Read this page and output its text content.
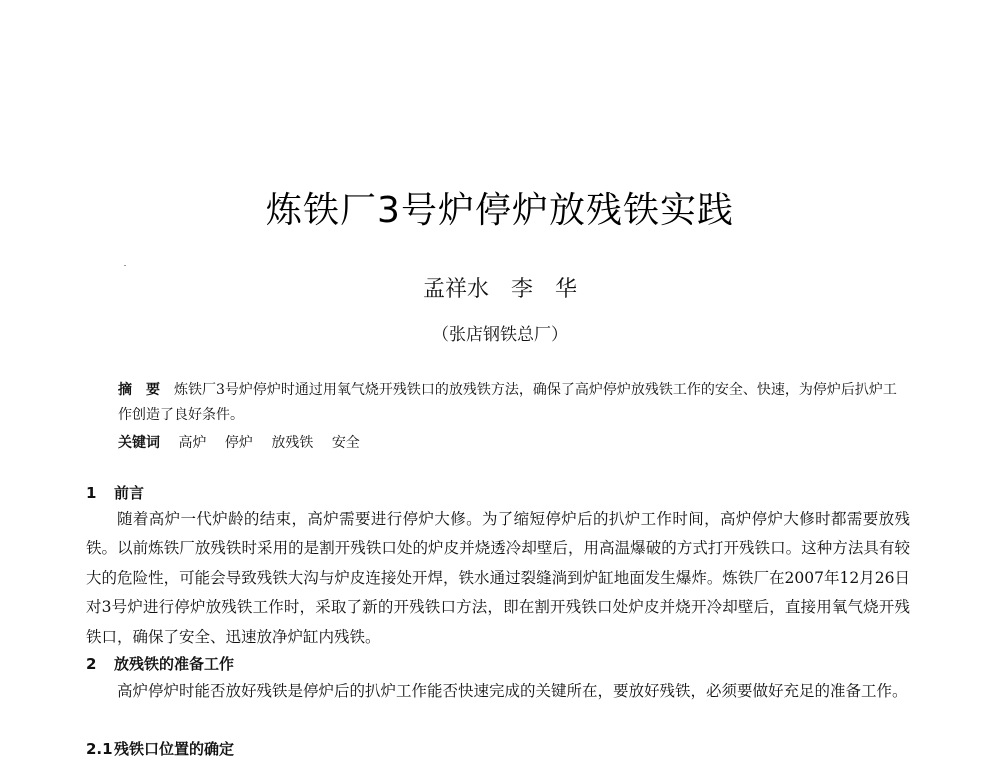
炼铁厂3号炉停炉放残铁实践
孟祥水　李　华
（张店钢铁总厂）
摘　要 炼铁厂3号炉停炉时通过用氧气烧开残铁口的放残铁方法，确保了高炉停炉放残铁工作的安全、快速，为停炉后扒炉工作创造了良好条件。
关键词 高炉 停炉 放残铁 安全
1 前言
随着高炉一代炉龄的结束，高炉需要进行停炉大修。为了缩短停炉后的扒炉工作时间，高炉停炉大修时都需要放残铁。以前炼铁厂放残铁时采用的是割开残铁口处的炉皮并烧透冷却壁后，用高温爆破的方式打开残铁口。这种方法具有较大的危险性，可能会导致残铁大沟与炉皮连接处开焊，铁水通过裂缝淌到炉缸地面发生爆炸。炼铁厂在2007年12月26日对3号炉进行停炉放残铁工作时，采取了新的开残铁口方法，即在割开残铁口处炉皮并烧开冷却壁后，直接用氧气烧开残铁口，确保了安全、迅速放净炉缸内残铁。
2 放残铁的准备工作
高炉停炉时能否放好残铁是停炉后的扒炉工作能否快速完成的关键所在，要放好残铁，必须要做好充足的准备工作。
2.1残铁口位置的确定
